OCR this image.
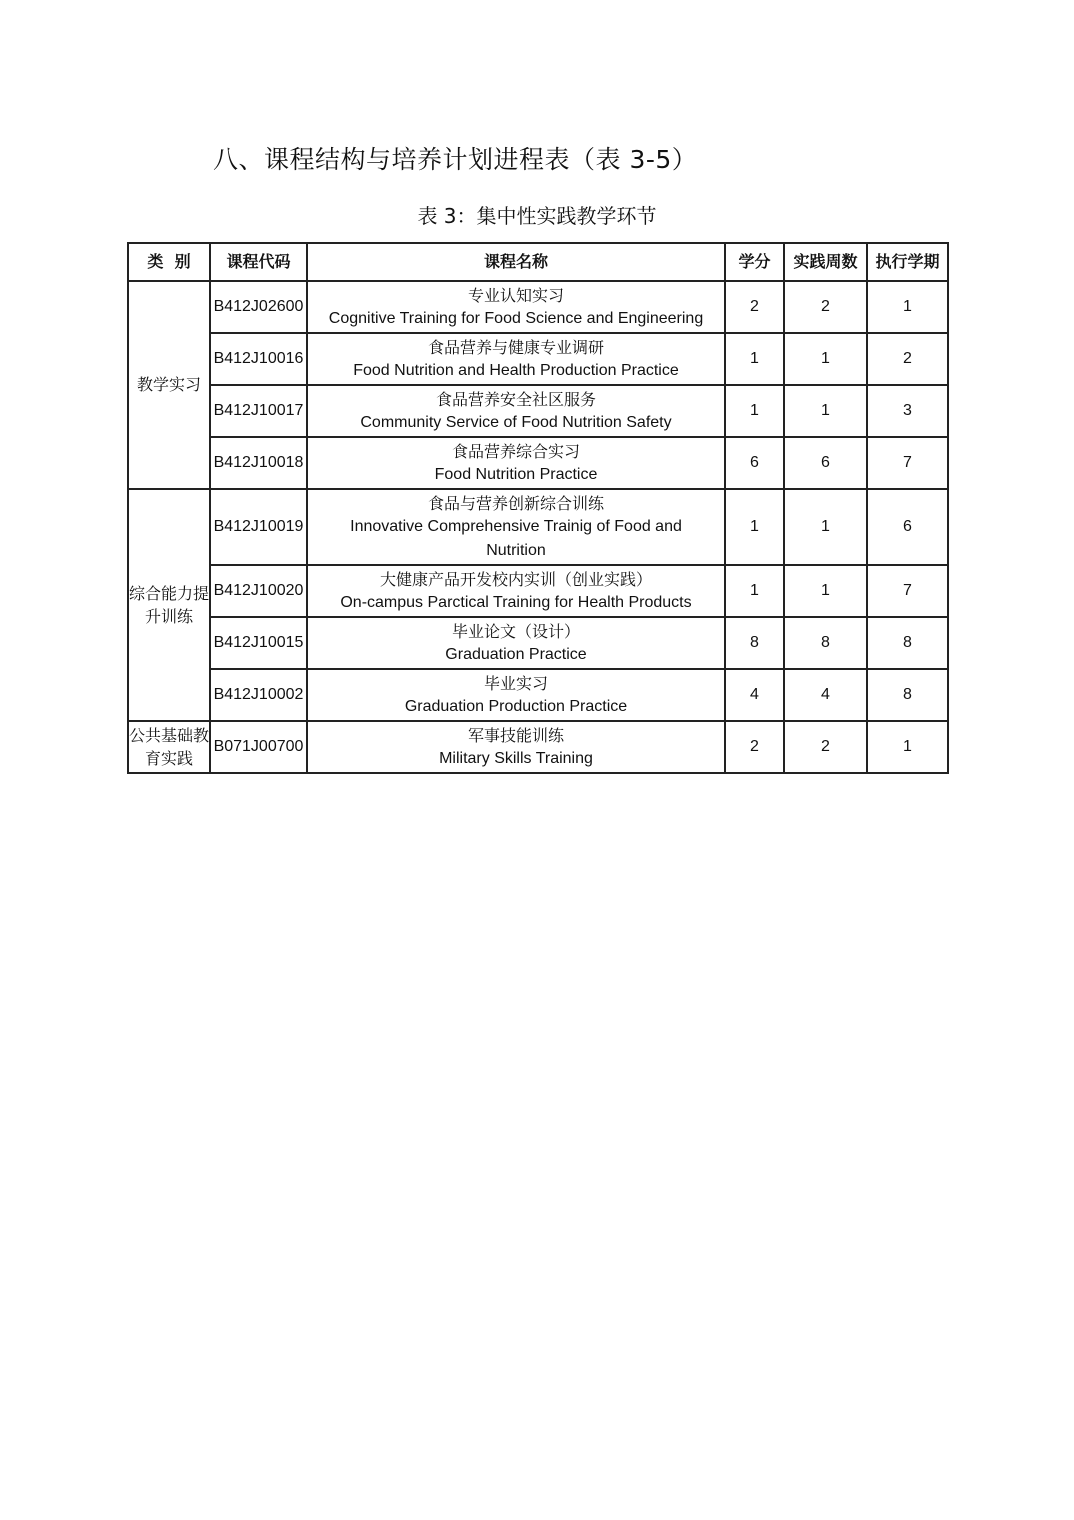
八、课程结构与培养计划进程表（表 3-5）
表 3：集中性实践教学环节
类  别	课程代码	课程名称	学分	实践周数	执行学期
教学实习	B412J02600	专业认知实习
Cognitive Training for Food Science and Engineering	2	2	1
	B412J10016	食品营养与健康专业调研
Food Nutrition and Health Production Practice	1	1	2
	B412J10017	食品营养安全社区服务
Community Service of Food Nutrition Safety	1	1	3
	B412J10018	食品营养综合实习
Food Nutrition Practice	6	6	7
综合能力提升训练	B412J10019	食品与营养创新综合训练
Innovative Comprehensive Trainig of Food and Nutrition	1	1	6
	B412J10020	大健康产品开发校内实训（创业实践）
On-campus Parctical Training for Health Products	1	1	7
	B412J10015	毕业论文（设计）
Graduation Practice	8	8	8
	B412J10002	毕业实习
Graduation Production Practice	4	4	8
公共基础教育实践	B071J00700	军事技能训练
Military Skills Training	2	2	1
